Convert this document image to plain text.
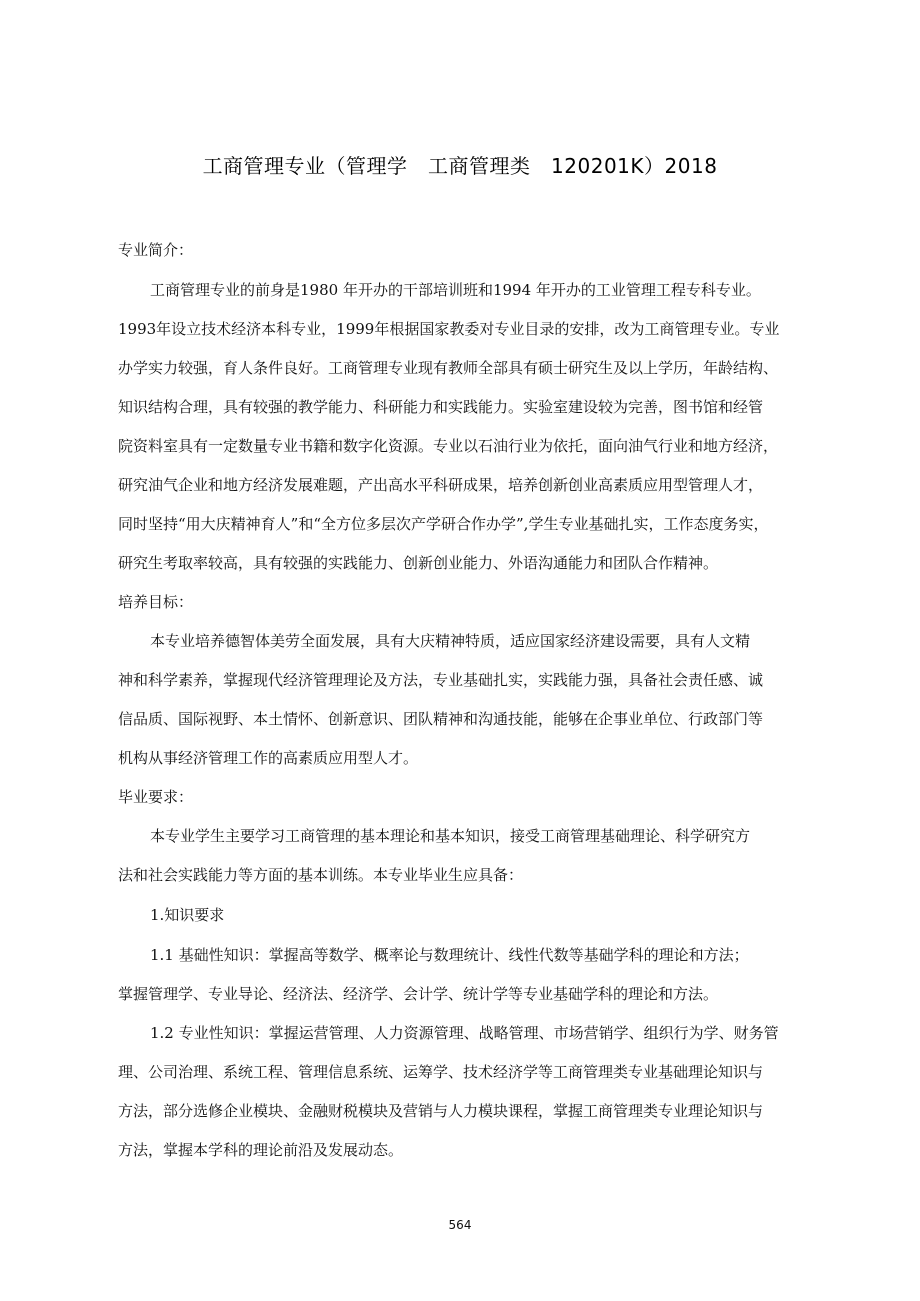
工商管理专业（管理学　工商管理类　120201K）2018
专业简介：
工商管理专业的前身是1980 年开办的干部培训班和1994 年开办的工业管理工程专科专业。
1993年设立技术经济本科专业，1999年根据国家教委对专业目录的安排，改为工商管理专业。专业
办学实力较强，育人条件良好。工商管理专业现有教师全部具有硕士研究生及以上学历，年龄结构、
知识结构合理，具有较强的教学能力、科研能力和实践能力。实验室建设较为完善，图书馆和经管
院资料室具有一定数量专业书籍和数字化资源。专业以石油行业为依托，面向油气行业和地方经济，
研究油气企业和地方经济发展难题，产出高水平科研成果，培养创新创业高素质应用型管理人才，
同时坚持“用大庆精神育人”和“全方位多层次产学研合作办学”,学生专业基础扎实，工作态度务实，
研究生考取率较高，具有较强的实践能力、创新创业能力、外语沟通能力和团队合作精神。
培养目标：
本专业培养德智体美劳全面发展，具有大庆精神特质，适应国家经济建设需要，具有人文精
神和科学素养，掌握现代经济管理理论及方法，专业基础扎实，实践能力强，具备社会责任感、诚
信品质、国际视野、本土情怀、创新意识、团队精神和沟通技能，能够在企事业单位、行政部门等
机构从事经济管理工作的高素质应用型人才。
毕业要求：
本专业学生主要学习工商管理的基本理论和基本知识，接受工商管理基础理论、科学研究方
法和社会实践能力等方面的基本训练。本专业毕业生应具备：
1.知识要求
1.1 基础性知识：掌握高等数学、概率论与数理统计、线性代数等基础学科的理论和方法；
掌握管理学、专业导论、经济法、经济学、会计学、统计学等专业基础学科的理论和方法。
1.2 专业性知识：掌握运营管理、人力资源管理、战略管理、市场营销学、组织行为学、财务管
理、公司治理、系统工程、管理信息系统、运筹学、技术经济学等工商管理类专业基础理论知识与
方法，部分选修企业模块、金融财税模块及营销与人力模块课程，掌握工商管理类专业理论知识与
方法，掌握本学科的理论前沿及发展动态。
564
